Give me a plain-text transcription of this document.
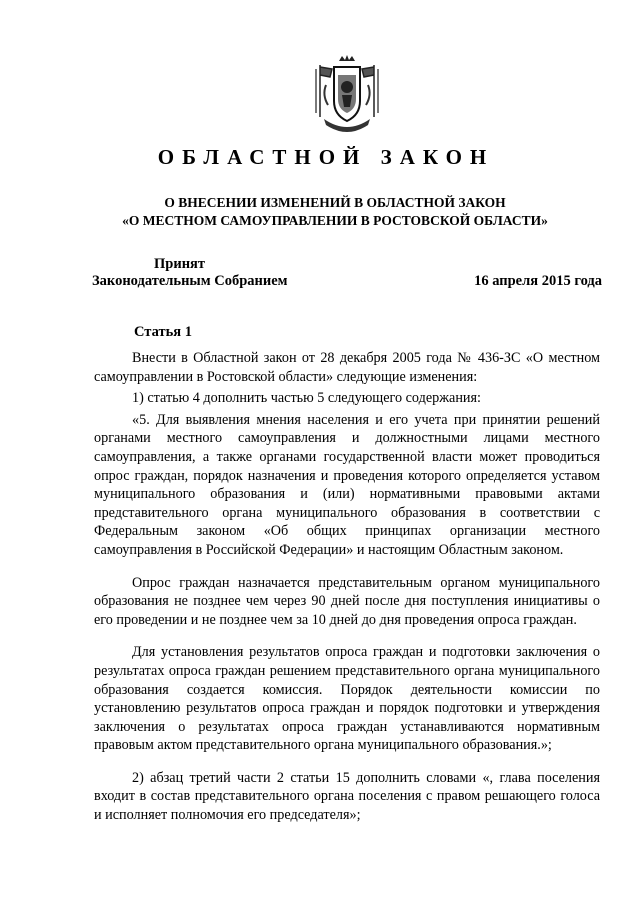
ОБЛАСТНОЙ ЗАКОН
О ВНЕСЕНИИ ИЗМЕНЕНИЙ В ОБЛАСТНОЙ ЗАКОН
«О МЕСТНОМ САМОУПРАВЛЕНИИ В РОСТОВСКОЙ ОБЛАСТИ»
Принят
Законодательным Собранием	16 апреля 2015 года
Статья 1

Внести в Областной закон от 28 декабря 2005 года № 436-ЗС «О местном самоуправлении в Ростовской области» следующие изменения:

1) статью 4 дополнить частью 5 следующего содержания:

«5. Для выявления мнения населения и его учета при принятии решений органами местного самоуправления и должностными лицами местного самоуправления, а также органами государственной власти может проводиться опрос граждан, порядок назначения и проведения которого определяется уставом муниципального образования и (или) нормативными правовыми актами представительного органа муниципального образования в соответствии с Федеральным законом «Об общих принципах организации местного самоуправления в Российской Федерации» и настоящим Областным законом.

Опрос граждан назначается представительным органом муниципального образования не позднее чем через 90 дней после дня поступления инициативы о его проведении и не позднее чем за 10 дней до дня проведения опроса граждан.

Для установления результатов опроса граждан и подготовки заключения о результатах опроса граждан решением представительного органа муниципального образования создается комиссия. Порядок деятельности комиссии по установлению результатов опроса граждан и порядок подготовки и утверждения заключения о результатах опроса граждан устанавливаются нормативным правовым актом представительного органа муниципального образования.»;

2) абзац третий части 2 статьи 15 дополнить словами «, глава поселения входит в состав представительного органа поселения с правом решающего голоса и исполняет полномочия его председателя»;
